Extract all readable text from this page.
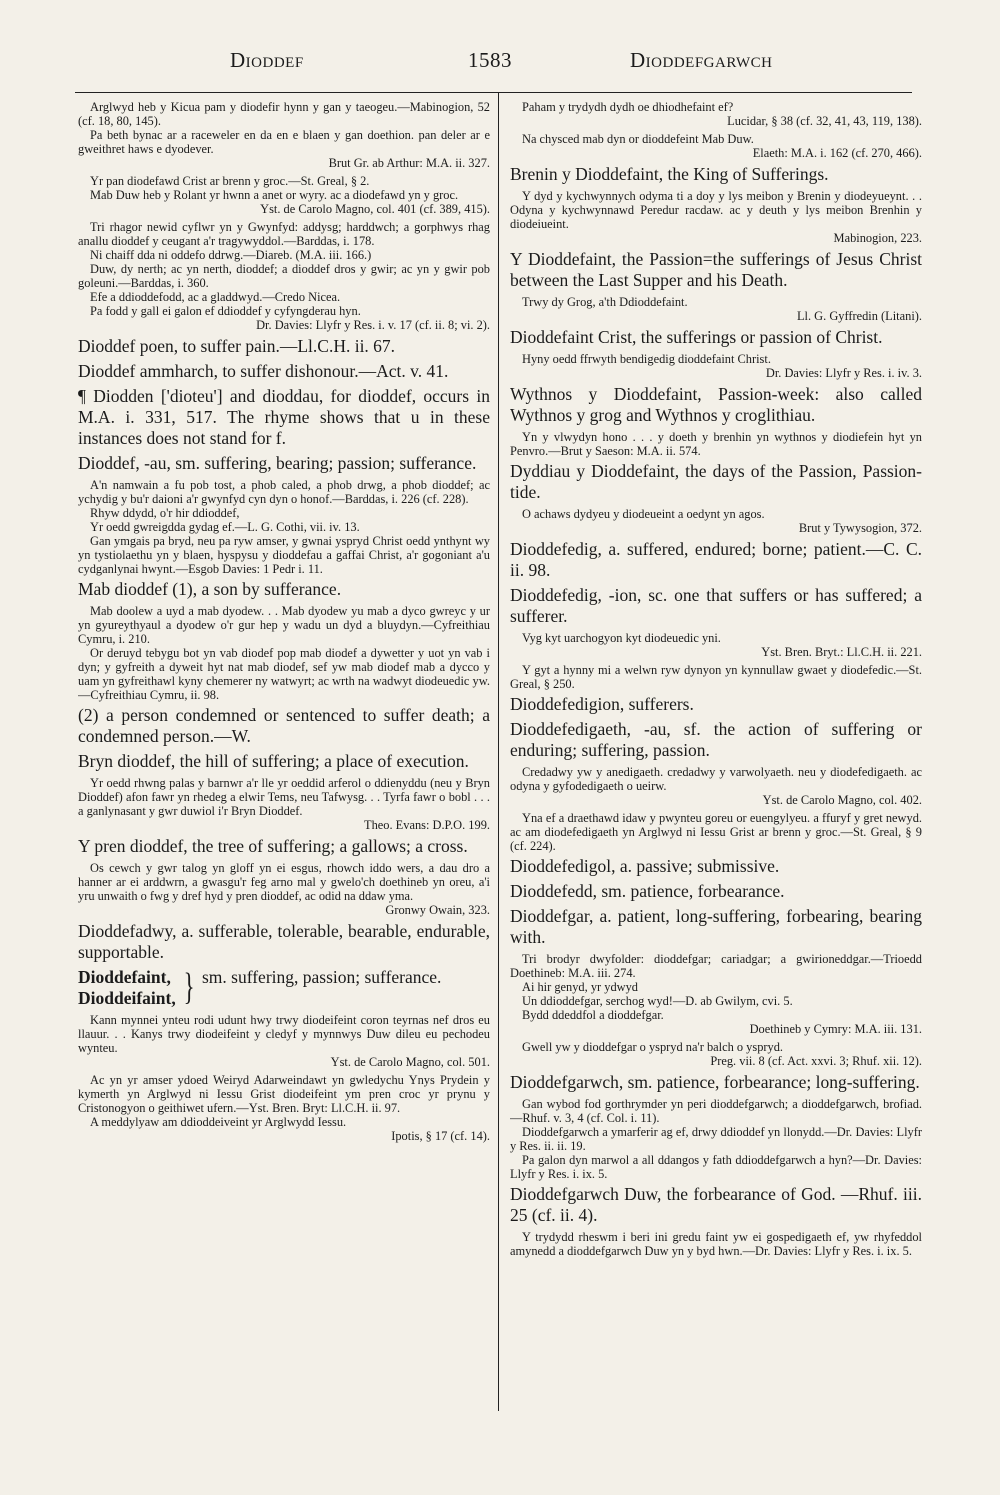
Dioddef	1583	Dioddefgarwch

Arglwyd heb y Kicua pam y diodefir hynn y gan y taeogeu.—Mabinogion, 52 (cf. 18, 80, 145).

Pa beth bynac ar a raceweler en da en e blaen y gan doethion. pan deler ar e gweithret haws e dyodever.

Brut Gr. ab Arthur: M.A. ii. 327.

Yr pan diodefawd Crist ar brenn y groc.—St. Greal, § 2.

Mab Duw heb y Rolant yr hwnn a anet or wyry. ac a diodefawd yn y groc.

Yst. de Carolo Magno, col. 401 (cf. 389, 415).

Tri rhagor newid cyflwr yn y Gwynfyd: addysg; harddwch; a gorphwys rhag anallu dioddef y ceugant a'r tragywyddol.—Barddas, i. 178.

Ni chaiff dda ni oddefo ddrwg.—Diareb. (M.A. iii. 166.)

Duw, dy nerth; ac yn nerth, dioddef; a dioddef dros y gwir; ac yn y gwir pob goleuni.—Barddas, i. 360.

Efe a ddioddefodd, ac a gladdwyd.—Credo Nicea.

Pa fodd y gall ei galon ef ddioddef y cyfyngderau hyn.

Dr. Davies: Llyfr y Res. i. v. 17 (cf. ii. 8; vi. 2).

Dioddef poen, to suffer pain.—Ll.C.H. ii. 67.

Dioddef ammharch, to suffer dishonour.—Act. v. 41.

¶ Diodden ['dioteu'] and dioddau, for dioddef, occurs in M.A. i. 331, 517. The rhyme shows that u in these instances does not stand for f.

Dioddef, -au, sm. suffering, bearing; passion; sufferance.

A'n namwain a fu pob tost, a phob caled, a phob drwg, a phob dioddef; ac ychydig y bu'r daioni a'r gwynfyd cyn dyn o honof.—Barddas, i. 226 (cf. 228).

Rhyw ddydd, o'r hir ddioddef,

Yr oedd gwreigdda gydag ef.—L. G. Cothi, vii. iv. 13.

Gan ymgais pa bryd, neu pa ryw amser, y gwnai yspryd Christ oedd ynthynt wy yn tystiolaethu yn y blaen, hyspysu y dioddefau a gaffai Christ, a'r gogoniant a'u cydganlynai hwynt.—Esgob Davies: 1 Pedr i. 11.

Mab dioddef (1), a son by sufferance.

Mab doolew a uyd a mab dyodew. . . Mab dyodew yu mab a dyco gwreyc y ur yn gyureythyaul a dyodew o'r gur hep y wadu un dyd a bluydyn.—Cyfreithiau Cymru, i. 210.

Or deruyd tebygu bot yn vab diodef pop mab diodef a dywetter y uot yn vab i dyn; y gyfreith a dyweit hyt nat mab diodef, sef yw mab diodef mab a dycco y uam yn gyfreithawl kyny chemerer ny watwyrt; ac wrth na wadwyt diodeuedic yw.—Cyfreithiau Cymru, ii. 98.

(2) a person condemned or sentenced to suffer death; a condemned person.—W.

Bryn dioddef, the hill of suffering; a place of execution.

Yr oedd rhwng palas y barnwr a'r lle yr oeddid arferol o ddienyddu (neu y Bryn Dioddef) afon fawr yn rhedeg a elwir Tems, neu Tafwysg. . . Tyrfa fawr o bobl . . . a ganlynasant y gwr duwiol i'r Bryn Dioddef.

Theo. Evans: D.P.O. 199.

Y pren dioddef, the tree of suffering; a gallows; a cross.

Os cewch y gwr talog yn gloff yn ei esgus, rhowch iddo wers, a dau dro a hanner ar ei arddwrn, a gwasgu'r feg arno mal y gwelo'ch doethineb yn oreu, a'i yru unwaith o fwg y dref hyd y pren dioddef, ac odid na ddaw yma.

Gronwy Owain, 323.

Dioddefadwy, a. sufferable, tolerable, bearable, endurable, supportable.

Dioddefaint,
Dioddeifaint, } sm. suffering, passion; sufferance.

Kann mynnei ynteu rodi udunt hwy trwy diodeifeint coron teyrnas nef dros eu llauur. . . Kanys trwy diodeifeint y cledyf y mynnwys Duw dileu eu pechodeu wynteu.

Yst. de Carolo Magno, col. 501.

Ac yn yr amser ydoed Weiryd Adarweindawt yn gwledychu Ynys Prydein y kymerth yn Arglwyd ni Iessu Grist diodeifeint ym pren croc yr prynu y Cristonogyon o geithiwet ufern.—Yst. Bren. Bryt: Ll.C.H. ii. 97.

A meddylyaw am ddioddeiveint yr Arglwydd Iessu.

Ipotis, § 17 (cf. 14).

Paham y trydydh dydh oe dhiodhefaint ef?

Lucidar, § 38 (cf. 32, 41, 43, 119, 138).

Na chysced mab dyn or dioddefeint Mab Duw.

Elaeth: M.A. i. 162 (cf. 270, 466).

Brenin y Dioddefaint, the King of Sufferings.

Y dyd y kychwynnych odyma ti a doy y lys meibon y Brenin y diodeyueynt. . . Odyna y kychwynnawd Peredur racdaw. ac y deuth y lys meibon Brenhin y diodeiueint.

Mabinogion, 223.

Y Dioddefaint, the Passion=the sufferings of Jesus Christ between the Last Supper and his Death.

Trwy dy Grog, a'th Ddioddefaint.

Ll. G. Gyffredin (Litani).

Dioddefaint Crist, the sufferings or passion of Christ.

Hyny oedd ffrwyth bendigedig dioddefaint Christ.

Dr. Davies: Llyfr y Res. i. iv. 3.

Wythnos y Dioddefaint, Passion-week: also called Wythnos y grog and Wythnos y croglithiau.

Yn y vlwydyn hono . . . y doeth y brenhin yn wythnos y diodiefein hyt yn Penvro.—Brut y Saeson: M.A. ii. 574.

Dyddiau y Dioddefaint, the days of the Passion, Passion-tide.

O achaws dydyeu y diodeueint a oedynt yn agos.

Brut y Tywysogion, 372.

Dioddefedig, a. suffered, endured; borne; patient.—C. C. ii. 98.

Dioddefedig, -ion, sc. one that suffers or has suffered; a sufferer.

Vyg kyt uarchogyon kyt diodeuedic yni.

Yst. Bren. Bryt.: Ll.C.H. ii. 221.

Y gyt a hynny mi a welwn ryw dynyon yn kynnullaw gwaet y diodefedic.—St. Greal, § 250.

Dioddefedigion, sufferers.

Dioddefedigaeth, -au, sf. the action of suffering or enduring; suffering, passion.

Credadwy yw y anedigaeth. credadwy y varwolyaeth. neu y diodefedigaeth. ac odyna y gyfodedigaeth o ueirw.

Yst. de Carolo Magno, col. 402.

Yna ef a draethawd idaw y pwynteu goreu or euengylyeu. a ffuryf y gret newyd. ac am diodefedigaeth yn Arglwyd ni Iessu Grist ar brenn y groc.—St. Greal, § 9 (cf. 224).

Dioddefedigol, a. passive; submissive.

Dioddefedd, sm. patience, forbearance.

Dioddefgar, a. patient, long-suffering, forbearing, bearing with.

Tri brodyr dwyfolder: dioddefgar; cariadgar; a gwirioneddgar.—Trioedd Doethineb: M.A. iii. 274.

Ai hir genyd, yr ydwyd

Un ddioddefgar, serchog wyd!—D. ab Gwilym, cvi. 5.

Bydd ddeddfol a dioddefgar.

Doethineb y Cymry: M.A. iii. 131.

Gwell yw y dioddefgar o yspryd na'r balch o yspryd.

Preg. vii. 8 (cf. Act. xxvi. 3; Rhuf. xii. 12).

Dioddefgarwch, sm. patience, forbearance; long-suffering.

Gan wybod fod gorthrymder yn peri dioddefgarwch; a dioddefgarwch, brofiad.—Rhuf. v. 3, 4 (cf. Col. i. 11).

Dioddefgarwch a ymarferir ag ef, drwy ddioddef yn llonydd.—Dr. Davies: Llyfr y Res. ii. ii. 19.

Pa galon dyn marwol a all ddangos y fath ddioddefgarwch a hyn?—Dr. Davies: Llyfr y Res. i. ix. 5.

Dioddefgarwch Duw, the forbearance of God. —Rhuf. iii. 25 (cf. ii. 4).

Y trydydd rheswm i beri ini gredu faint yw ei gospedigaeth ef, yw rhyfeddol amynedd a dioddefgarwch Duw yn y byd hwn.—Dr. Davies: Llyfr y Res. i. ix. 5.
